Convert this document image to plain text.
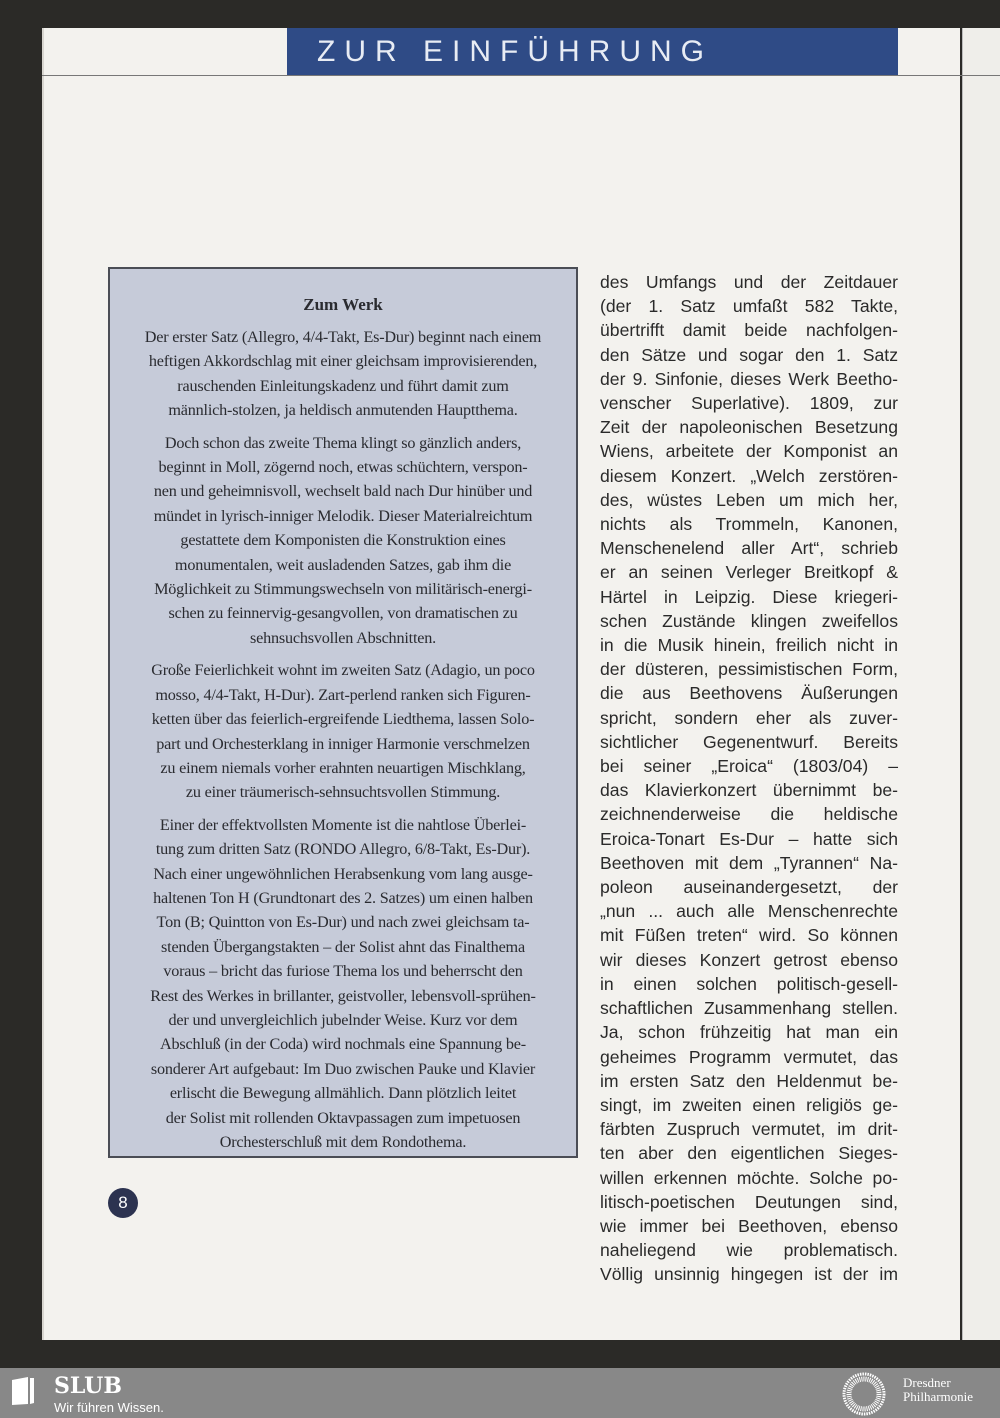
ZUR EINFÜHRUNG
Zum Werk
Der erster Satz (Allegro, 4/4-Takt, Es-Dur) beginnt nach einem
heftigen Akkordschlag mit einer gleichsam improvisierenden,
rauschenden Einleitungskadenz und führt damit zum
männlich-stolzen, ja heldisch anmutenden Hauptthema.
Doch schon das zweite Thema klingt so gänzlich anders,
beginnt in Moll, zögernd noch, etwas schüchtern, verspon-
nen und geheimnisvoll, wechselt bald nach Dur hinüber und
mündet in lyrisch-inniger Melodik. Dieser Materialreichtum
gestattete dem Komponisten die Konstruktion eines
monumentalen, weit ausladenden Satzes, gab ihm die
Möglichkeit zu Stimmungswechseln von militärisch-energi-
schen zu feinnervig-gesangvollen, von dramatischen zu
sehnsuchsvollen Abschnitten.
Große Feierlichkeit wohnt im zweiten Satz (Adagio, un poco
mosso, 4/4-Takt, H-Dur). Zart-perlend ranken sich Figuren-
ketten über das feierlich-ergreifende Liedthema, lassen Solo-
part und Orchesterklang in inniger Harmonie verschmelzen
zu einem niemals vorher erahnten neuartigen Mischklang,
zu einer träumerisch-sehnsuchtsvollen Stimmung.
Einer der effektvollsten Momente ist die nahtlose Überlei-
tung zum dritten Satz (RONDO Allegro, 6/8-Takt, Es-Dur).
Nach einer ungewöhnlichen Herabsenkung vom lang ausge-
haltenen Ton H (Grundtonart des 2. Satzes) um einen halben
Ton (B; Quintton von Es-Dur) und nach zwei gleichsam ta-
stenden Übergangstakten – der Solist ahnt das Finalthema
voraus – bricht das furiose Thema los und beherrscht den
Rest des Werkes in brillanter, geistvoller, lebensvoll-sprühen-
der und unvergleichlich jubelnder Weise. Kurz vor dem
Abschluß (in der Coda) wird nochmals eine Spannung be-
sonderer Art aufgebaut: Im Duo zwischen Pauke und Klavier
erlischt die Bewegung allmählich. Dann plötzlich leitet
der Solist mit rollenden Oktavpassagen zum impetuosen
Orchesterschluß mit dem Rondothema.
des Umfangs und der Zeitdauer
(der 1. Satz umfaßt 582 Takte,
übertrifft damit beide nachfolgen-
den Sätze und sogar den 1. Satz
der 9. Sinfonie, dieses Werk Beetho-
venscher Superlative). 1809, zur
Zeit der napoleonischen Besetzung
Wiens, arbeitete der Komponist an
diesem Konzert. „Welch zerstören-
des, wüstes Leben um mich her,
nichts als Trommeln, Kanonen,
Menschenelend aller Art“, schrieb
er an seinen Verleger Breitkopf &
Härtel in Leipzig. Diese kriegeri-
schen Zustände klingen zweifellos
in die Musik hinein, freilich nicht in
der düsteren, pessimistischen Form,
die aus Beethovens Äußerungen
spricht, sondern eher als zuver-
sichtlicher Gegenentwurf. Bereits
bei seiner „Eroica“ (1803/04) –
das Klavierkonzert übernimmt be-
zeichnenderweise die heldische
Eroica-Tonart Es-Dur – hatte sich
Beethoven mit dem „Tyrannen“ Na-
poleon auseinandergesetzt, der
„nun ... auch alle Menschenrechte
mit Füßen treten“ wird. So können
wir dieses Konzert getrost ebenso
in einen solchen politisch-gesell-
schaftlichen Zusammenhang stellen.
Ja, schon frühzeitig hat man ein
geheimes Programm vermutet, das
im ersten Satz den Heldenmut be-
singt, im zweiten einen religiös ge-
färbten Zuspruch vermutet, im drit-
ten aber den eigentlichen Sieges-
willen erkennen möchte. Solche po-
litisch-poetischen Deutungen sind,
wie immer bei Beethoven, ebenso
naheliegend wie problematisch.
Völlig unsinnig hingegen ist der im
8
SLUB
Wir führen Wissen.
Dresdner
Philharmonie
